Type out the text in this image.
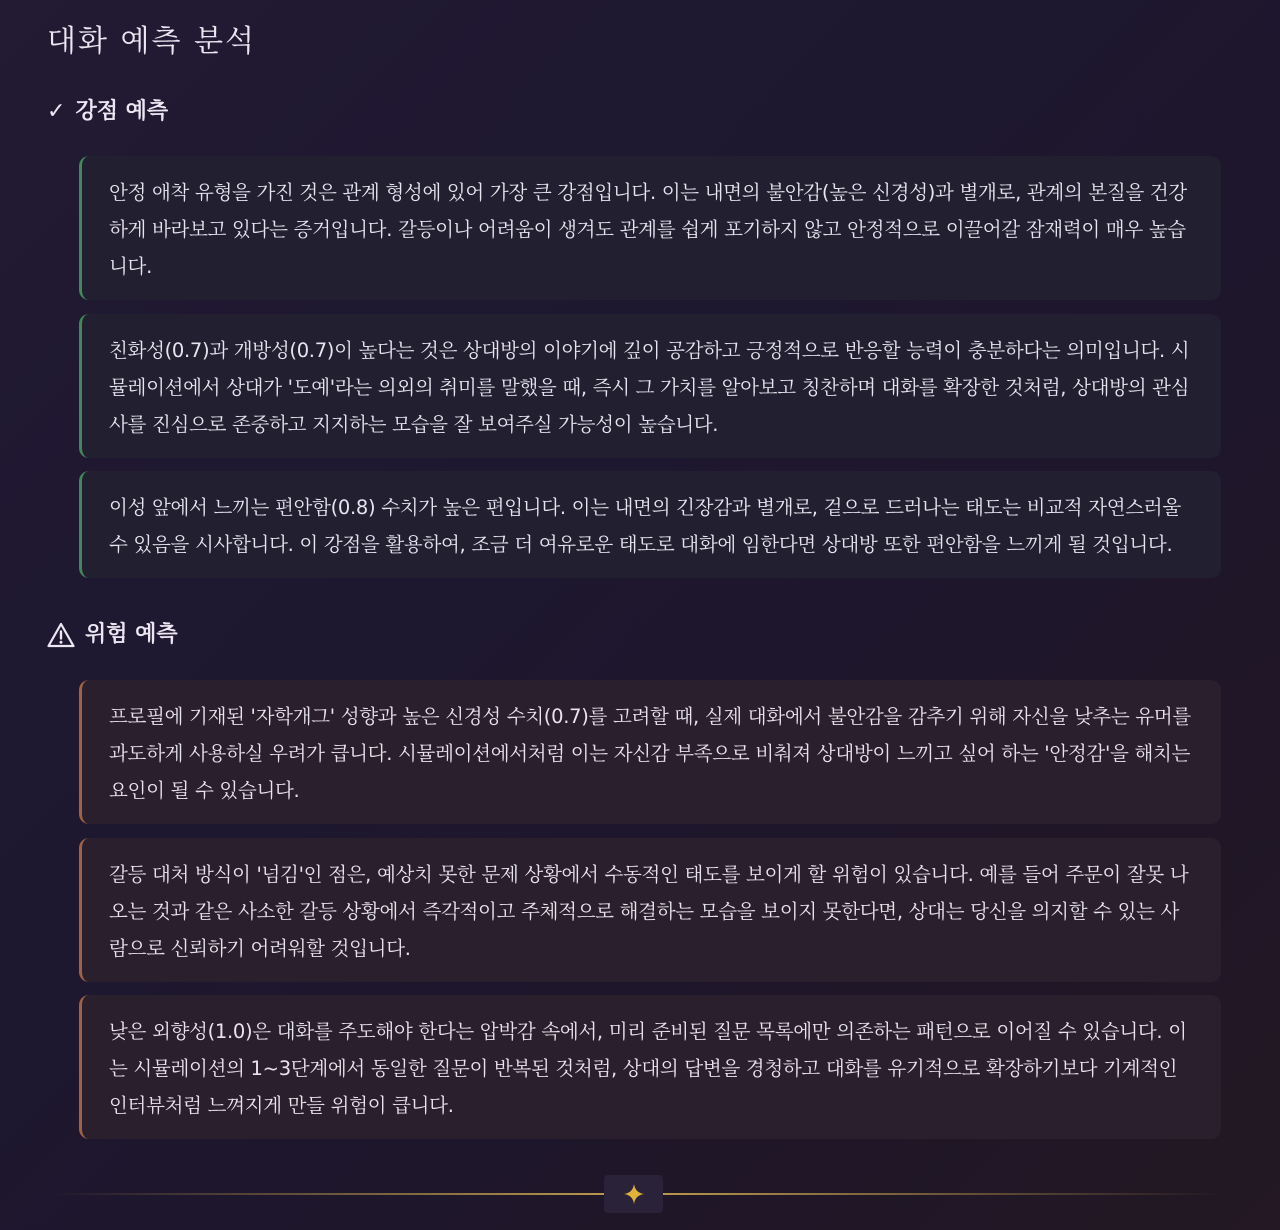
대화 예측 분석
✓ 강점 예측

안정 애착 유형을 가진 것은 관계 형성에 있어 가장 큰 강점입니다. 이는 내면의 불안감(높은 신경성)과 별개로, 관계의 본질을 건강하게 바라보고 있다는 증거입니다. 갈등이나 어려움이 생겨도 관계를 쉽게 포기하지 않고 안정적으로 이끌어갈 잠재력이 매우 높습니다.

친화성(0.7)과 개방성(0.7)이 높다는 것은 상대방의 이야기에 깊이 공감하고 긍정적으로 반응할 능력이 충분하다는 의미입니다. 시뮬레이션에서 상대가 '도예'라는 의외의 취미를 말했을 때, 즉시 그 가치를 알아보고 칭찬하며 대화를 확장한 것처럼, 상대방의 관심사를 진심으로 존중하고 지지하는 모습을 잘 보여주실 가능성이 높습니다.

이성 앞에서 느끼는 편안함(0.8) 수치가 높은 편입니다. 이는 내면의 긴장감과 별개로, 겉으로 드러나는 태도는 비교적 자연스러울 수 있음을 시사합니다. 이 강점을 활용하여, 조금 더 여유로운 태도로 대화에 임한다면 상대방 또한 편안함을 느끼게 될 것입니다.

위험 예측

프로필에 기재된 '자학개그' 성향과 높은 신경성 수치(0.7)를 고려할 때, 실제 대화에서 불안감을 감추기 위해 자신을 낮추는 유머를 과도하게 사용하실 우려가 큽니다. 시뮬레이션에서처럼 이는 자신감 부족으로 비춰져 상대방이 느끼고 싶어 하는 '안정감'을 해치는 요인이 될 수 있습니다.

갈등 대처 방식이 '넘김'인 점은, 예상치 못한 문제 상황에서 수동적인 태도를 보이게 할 위험이 있습니다. 예를 들어 주문이 잘못 나오는 것과 같은 사소한 갈등 상황에서 즉각적이고 주체적으로 해결하는 모습을 보이지 못한다면, 상대는 당신을 의지할 수 있는 사람으로 신뢰하기 어려워할 것입니다.

낮은 외향성(1.0)은 대화를 주도해야 한다는 압박감 속에서, 미리 준비된 질문 목록에만 의존하는 패턴으로 이어질 수 있습니다. 이는 시뮬레이션의 1~3단계에서 동일한 질문이 반복된 것처럼, 상대의 답변을 경청하고 대화를 유기적으로 확장하기보다 기계적인 인터뷰처럼 느껴지게 만들 위험이 큽니다.
